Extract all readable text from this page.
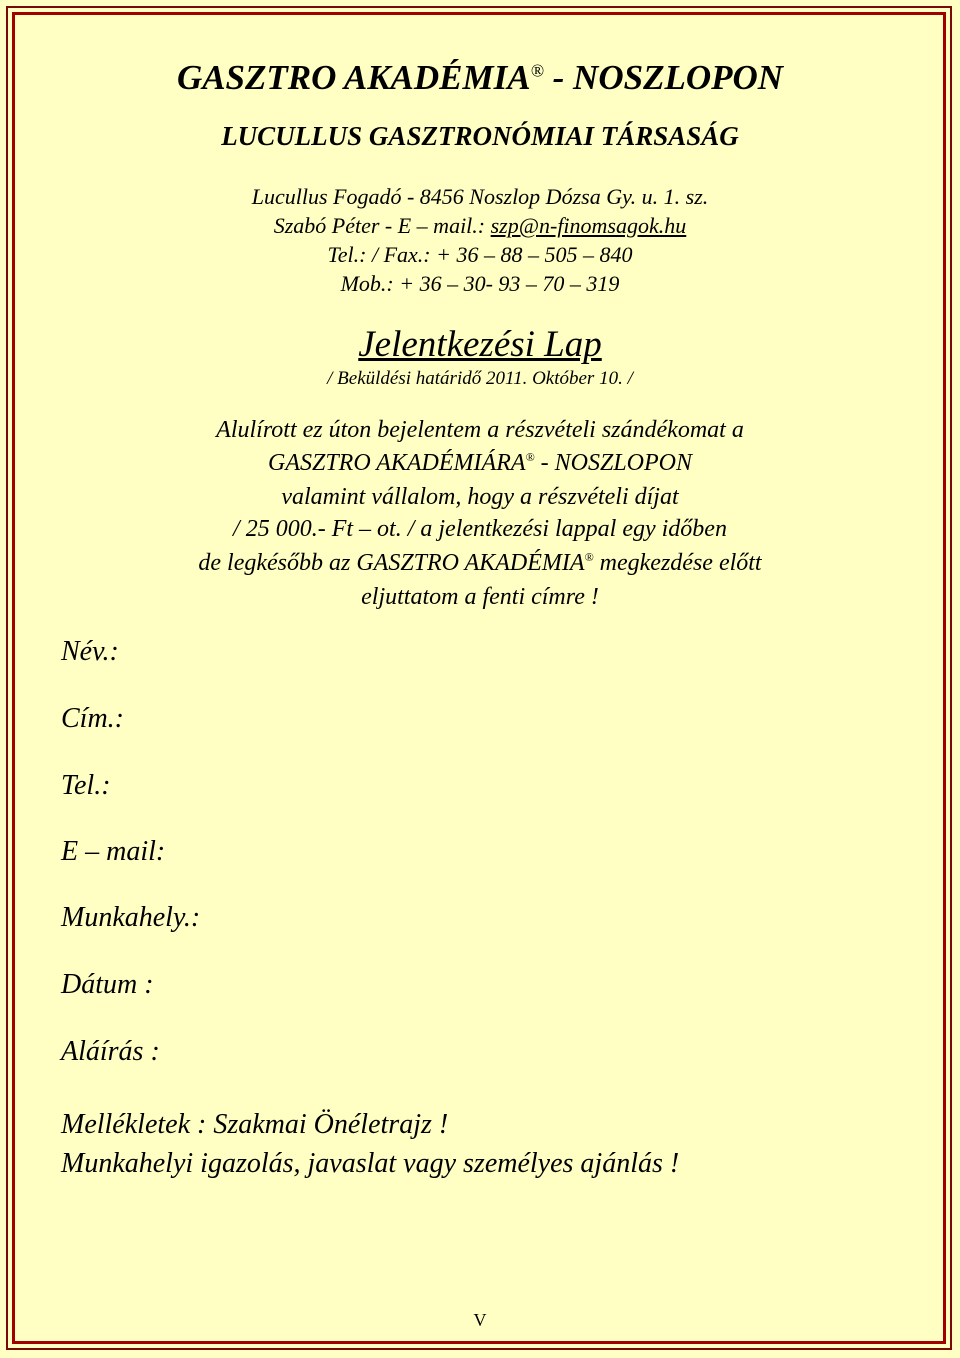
GASZTRO AKADÉMIA® - NOSZLOPON
LUCULLUS GASZTRONÓMIAI TÁRSASÁG
Lucullus Fogadó - 8456 Noszlop Dózsa Gy. u. 1. sz.
Szabó Péter - E – mail.: szp@n-finomsagok.hu
Tel.: / Fax.: + 36 – 88 – 505 – 840
Mob.: + 36 – 30- 93 – 70 – 319
Jelentkezési Lap
/ Beküldési határidő 2011. Október 10. /
Alulírott ez úton bejelentem a részvételi szándékomat a
GASZTRO AKADÉMIÁRA® - NOSZLOPON
valamint vállalom, hogy a részvételi díjat
/ 25 000.- Ft – ot. / a jelentkezési lappal egy időben
de legkésőbb az GASZTRO AKADÉMIA® megkezdése előtt
eljuttatom a fenti címre !
Név.:
Cím.:
Tel.:
E – mail:
Munkahely.:
Dátum :
Aláírás :
Mellékletek : Szakmai Önéletrajz !
Munkahelyi igazolás, javaslat vagy személyes ajánlás !
V
